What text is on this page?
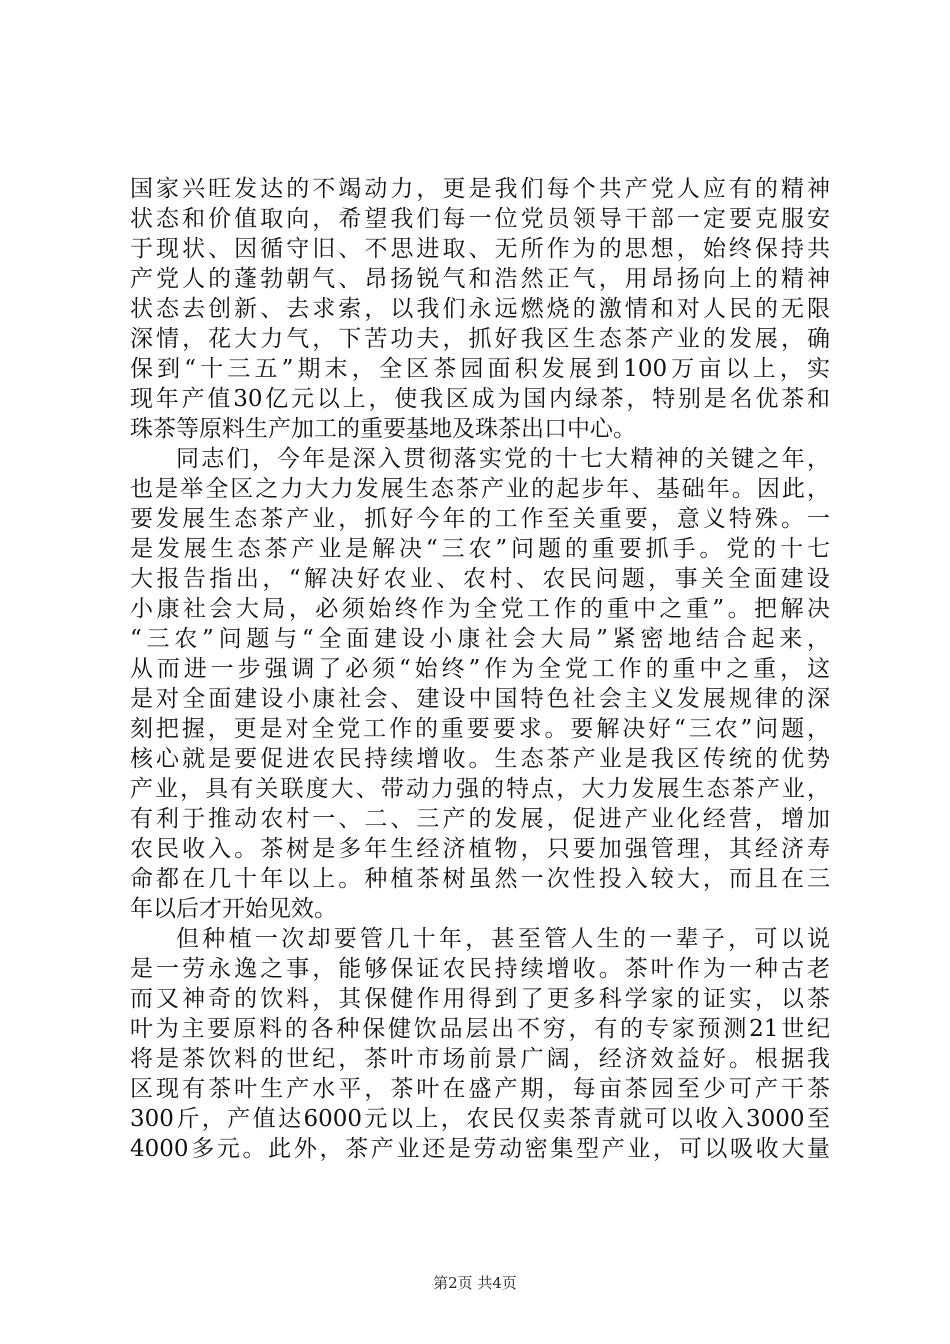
国家兴旺发达的不竭动力，更是我们每个共产党人应有的精神
状态和价值取向，希望我们每一位党员领导干部一定要克服安
于现状、因循守旧、不思进取、无所作为的思想，始终保持共
产党人的蓬勃朝气、昂扬锐气和浩然正气，用昂扬向上的精神
状态去创新、去求索，以我们永远燃烧的激情和对人民的无限
深情，花大力气，下苦功夫，抓好我区生态茶产业的发展，确
保到“十三五”期末，全区茶园面积发展到100万亩以上，实
现年产值30亿元以上，使我区成为国内绿茶，特别是名优茶和
珠茶等原料生产加工的重要基地及珠茶出口中心。
同志们，今年是深入贯彻落实党的十七大精神的关键之年，
也是举全区之力大力发展生态茶产业的起步年、基础年。因此，
要发展生态茶产业，抓好今年的工作至关重要，意义特殊。一
是发展生态茶产业是解决“三农”问题的重要抓手。党的十七
大报告指出，“解决好农业、农村、农民问题，事关全面建设
小康社会大局，必须始终作为全党工作的重中之重”。把解决
“三农”问题与“全面建设小康社会大局”紧密地结合起来，
从而进一步强调了必须“始终”作为全党工作的重中之重，这
是对全面建设小康社会、建设中国特色社会主义发展规律的深
刻把握，更是对全党工作的重要要求。要解决好“三农”问题，
核心就是要促进农民持续增收。生态茶产业是我区传统的优势
产业，具有关联度大、带动力强的特点，大力发展生态茶产业，
有利于推动农村一、二、三产的发展，促进产业化经营，增加
农民收入。茶树是多年生经济植物，只要加强管理，其经济寿
命都在几十年以上。种植茶树虽然一次性投入较大，而且在三
年以后才开始见效。
但种植一次却要管几十年，甚至管人生的一辈子，可以说
是一劳永逸之事，能够保证农民持续增收。茶叶作为一种古老
而又神奇的饮料，其保健作用得到了更多科学家的证实，以茶
叶为主要原料的各种保健饮品层出不穷，有的专家预测21世纪
将是茶饮料的世纪，茶叶市场前景广阔，经济效益好。根据我
区现有茶叶生产水平，茶叶在盛产期，每亩茶园至少可产干茶
300斤，产值达6000元以上，农民仅卖茶青就可以收入3000至
4000多元。此外，茶产业还是劳动密集型产业，可以吸收大量
第2页 共4页
